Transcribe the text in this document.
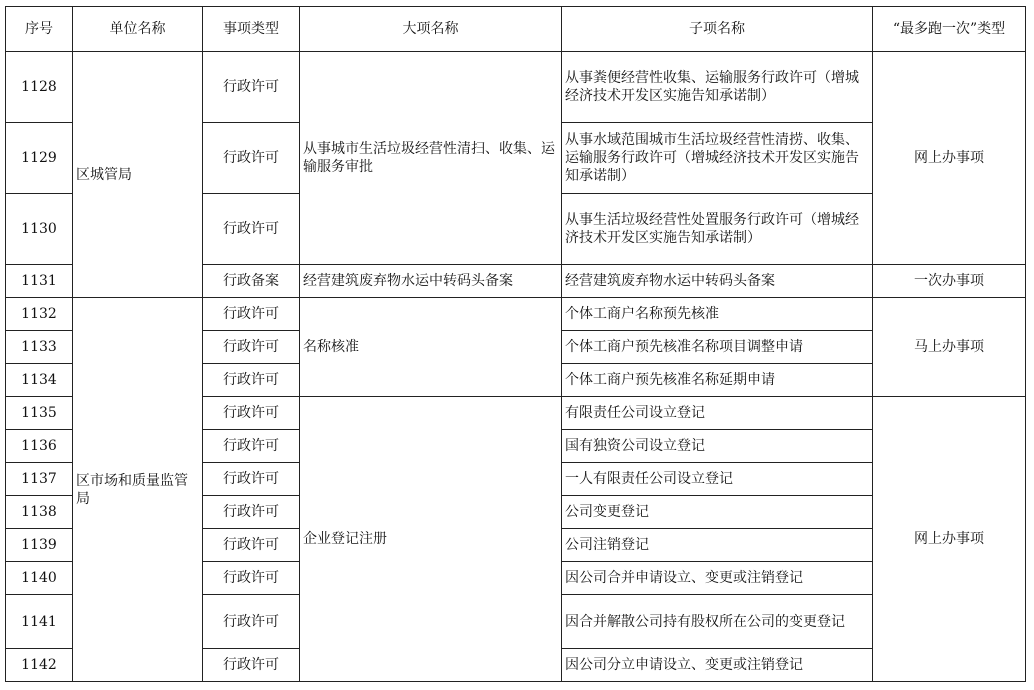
序号	单位名称	事项类型	大项名称	子项名称	“最多跑一次”类型
1128	区城管局	行政许可	从事城市生活垃圾经营性清扫、收集、运输服务审批	从事粪便经营性收集、运输服务行政许可（增城经济技术开发区实施告知承诺制）	网上办事项
1129		行政许可		从事水域范围城市生活垃圾经营性清捞、收集、运输服务行政许可（增城经济技术开发区实施告知承诺制）	
1130		行政许可		从事生活垃圾经营性处置服务行政许可（增城经济技术开发区实施告知承诺制）	
1131		行政备案	经营建筑废弃物水运中转码头备案	经营建筑废弃物水运中转码头备案	一次办事项
1132	区市场和质量监管局	行政许可	名称核准	个体工商户名称预先核准	马上办事项
1133		行政许可		个体工商户预先核准名称项目调整申请	
1134		行政许可		个体工商户预先核准名称延期申请	
1135		行政许可	企业登记注册	有限责任公司设立登记	网上办事项
1136		行政许可		国有独资公司设立登记	
1137		行政许可		一人有限责任公司设立登记	
1138		行政许可		公司变更登记	
1139		行政许可		公司注销登记	
1140		行政许可		因公司合并申请设立、变更或注销登记	
1141		行政许可		因合并解散公司持有股权所在公司的变更登记	
1142		行政许可		因公司分立申请设立、变更或注销登记	
